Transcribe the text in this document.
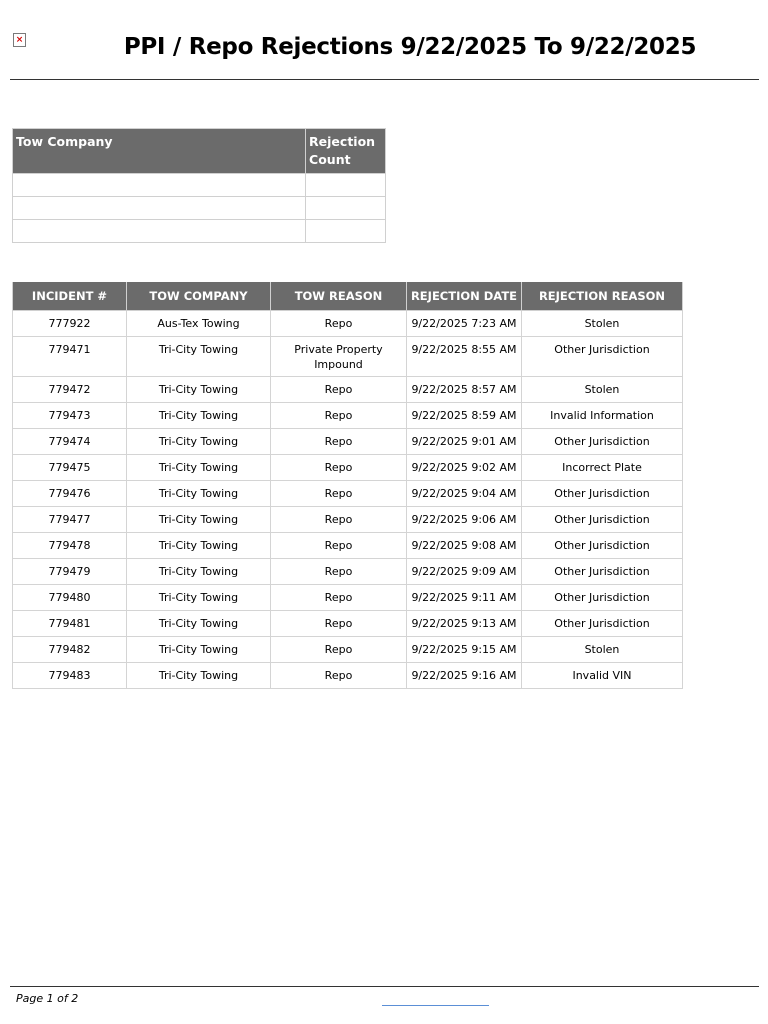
×	PPI / Repo Rejections 9/22/2025 To 9/22/2025
Tow Company	Rejection Count

INCIDENT #	TOW COMPANY	TOW REASON	REJECTION DATE	REJECTION REASON
777922	Aus-Tex Towing	Repo	9/22/2025 7:23 AM	Stolen
779471	Tri-City Towing	Private Property Impound	9/22/2025 8:55 AM	Other Jurisdiction
779472	Tri-City Towing	Repo	9/22/2025 8:57 AM	Stolen
779473	Tri-City Towing	Repo	9/22/2025 8:59 AM	Invalid Information
779474	Tri-City Towing	Repo	9/22/2025 9:01 AM	Other Jurisdiction
779475	Tri-City Towing	Repo	9/22/2025 9:02 AM	Incorrect Plate
779476	Tri-City Towing	Repo	9/22/2025 9:04 AM	Other Jurisdiction
779477	Tri-City Towing	Repo	9/22/2025 9:06 AM	Other Jurisdiction
779478	Tri-City Towing	Repo	9/22/2025 9:08 AM	Other Jurisdiction
779479	Tri-City Towing	Repo	9/22/2025 9:09 AM	Other Jurisdiction
779480	Tri-City Towing	Repo	9/22/2025 9:11 AM	Other Jurisdiction
779481	Tri-City Towing	Repo	9/22/2025 9:13 AM	Other Jurisdiction
779482	Tri-City Towing	Repo	9/22/2025 9:15 AM	Stolen
779483	Tri-City Towing	Repo	9/22/2025 9:16 AM	Invalid VIN
Page 1 of 2
